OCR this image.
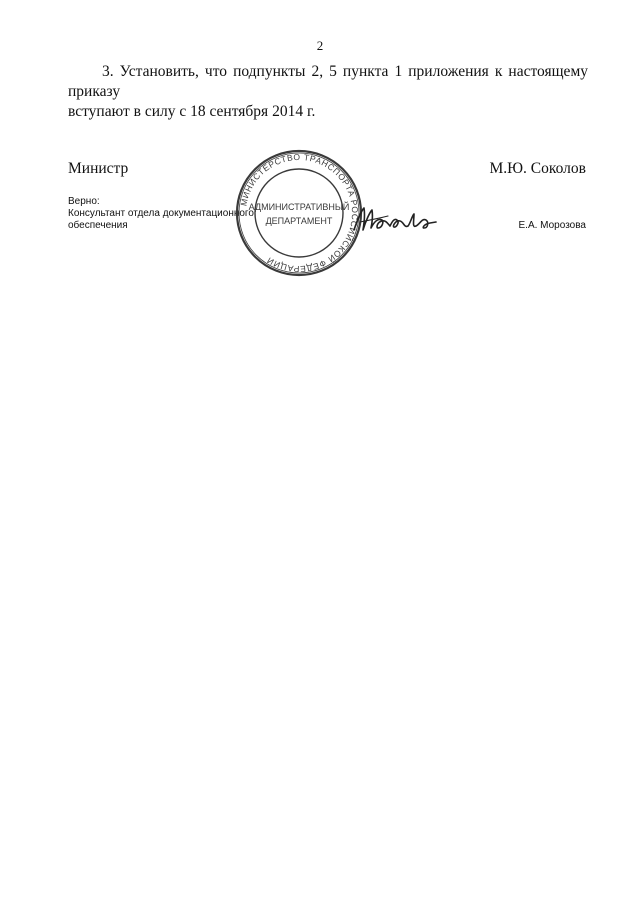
2
3. Установить, что подпункты 2, 5 пункта 1 приложения к настоящему приказу
вступают в силу с 18 сентября 2014 г.
Министр	М.Ю. Соколов
Верно:
Консультант отдела документационного
обеспечения	Е.А. Морозова
МИНИСТЕРСТВО ТРАНСПОРТА РОССИЙСКОЙ ФЕДЕРАЦИИ
АДМИНИСТРАТИВНЫЙ
ДЕПАРТАМЕНТ
